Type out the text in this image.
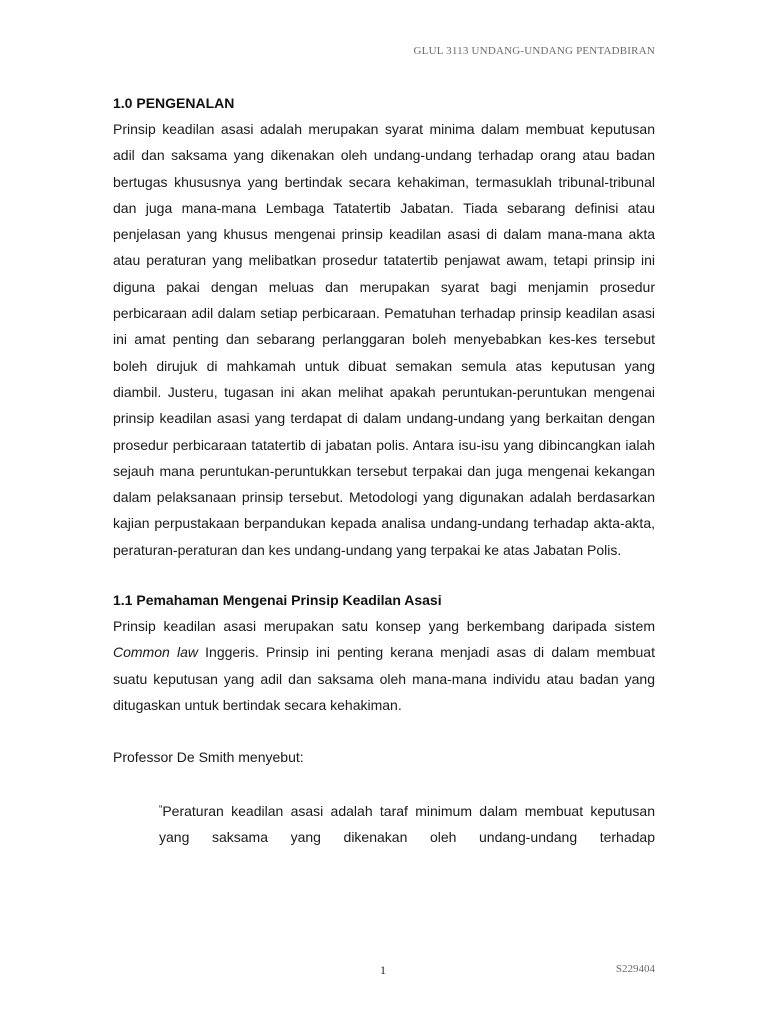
GLUL 3113 UNDANG-UNDANG PENTADBIRAN
1.0 PENGENALAN

Prinsip keadilan asasi adalah merupakan syarat minima dalam membuat keputusan adil dan saksama yang dikenakan oleh undang-undang terhadap orang atau badan bertugas khususnya yang bertindak secara kehakiman, termasuklah tribunal-tribunal dan juga mana-mana Lembaga Tatatertib Jabatan. Tiada sebarang definisi atau penjelasan yang khusus mengenai prinsip keadilan asasi di dalam mana-mana akta atau peraturan yang melibatkan prosedur tatatertib penjawat awam, tetapi prinsip ini diguna pakai dengan meluas dan merupakan syarat bagi menjamin prosedur perbicaraan adil dalam setiap perbicaraan. Pematuhan terhadap prinsip keadilan asasi ini amat penting dan sebarang perlanggaran boleh menyebabkan kes-kes tersebut boleh dirujuk di mahkamah untuk dibuat semakan semula atas keputusan yang diambil. Justeru, tugasan ini akan melihat apakah peruntukan-peruntukan mengenai prinsip keadilan asasi yang terdapat di dalam undang-undang yang berkaitan dengan prosedur perbicaraan tatatertib di jabatan polis. Antara isu-isu yang dibincangkan ialah sejauh mana peruntukan-peruntukkan tersebut terpakai dan juga mengenai kekangan dalam pelaksanaan prinsip tersebut. Metodologi yang digunakan adalah berdasarkan kajian perpustakaan berpandukan kepada analisa undang-undang terhadap akta-akta, peraturan-peraturan dan kes undang-undang yang terpakai ke atas Jabatan Polis.

1.1 Pemahaman Mengenai Prinsip Keadilan Asasi

Prinsip keadilan asasi merupakan satu konsep yang berkembang daripada sistem Common law Inggeris. Prinsip ini penting kerana menjadi asas di dalam membuat suatu keputusan yang adil dan saksama oleh mana-mana individu atau badan yang ditugaskan untuk bertindak secara kehakiman.

Professor De Smith menyebut:

“Peraturan keadilan asasi adalah taraf minimum dalam membuat keputusan yang saksama yang dikenakan oleh undang-undang terhadap

1	S229404
